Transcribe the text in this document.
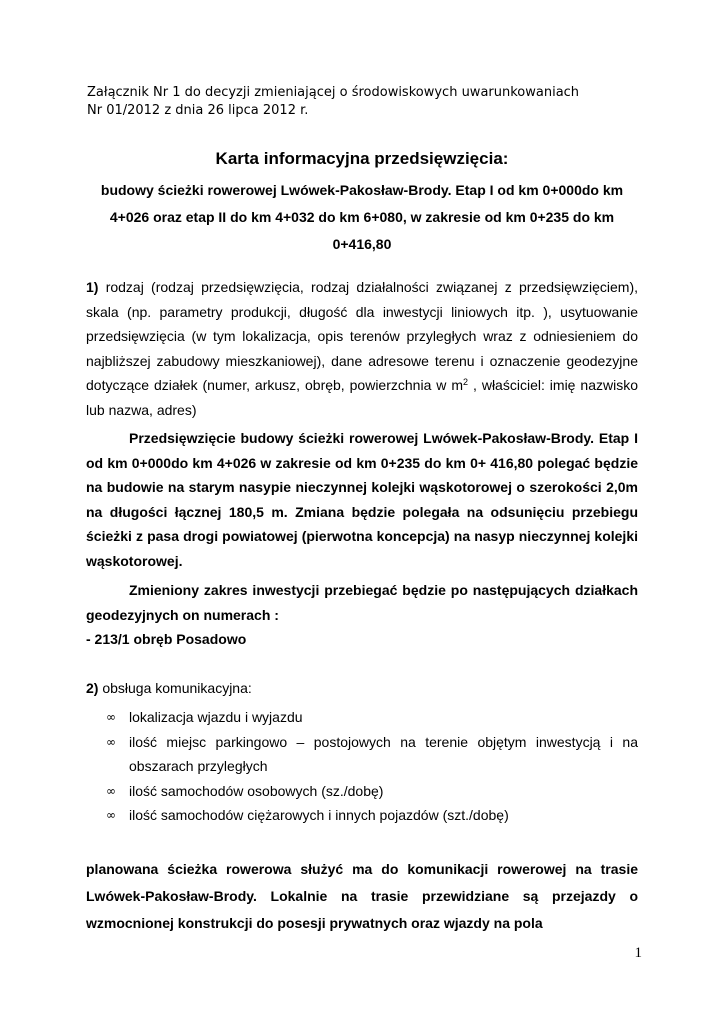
Załącznik Nr 1 do decyzji zmieniającej o środowiskowych uwarunkowaniach
Nr 01/2012 z dnia 26 lipca 2012 r.
Karta informacyjna przedsięwzięcia:
budowy ścieżki rowerowej Lwówek-Pakosław-Brody. Etap I od km 0+000do km 4+026 oraz etap II do km 4+032 do km 6+080, w zakresie od km 0+235 do km 0+416,80
1) rodzaj (rodzaj przedsięwzięcia, rodzaj działalności związanej z przedsięwzięciem), skala (np. parametry produkcji, długość dla inwestycji liniowych itp. ), usytuowanie przedsięwzięcia (w tym lokalizacja, opis terenów przyległych wraz z odniesieniem do najbliższej zabudowy mieszkaniowej), dane adresowe terenu i oznaczenie geodezyjne dotyczące działek (numer, arkusz, obręb, powierzchnia w $m^2$ , właściciel: imię nazwisko lub nazwa, adres)
Przedsięwzięcie budowy ścieżki rowerowej Lwówek-Pakosław-Brody. Etap I od km 0+000do km 4+026 w zakresie od km 0+235 do km 0+ 416,80 polegać będzie na budowie na starym nasypie nieczynnej kolejki wąskotorowej o szerokości 2,0m na długości łącznej 180,5 m. Zmiana będzie polegała na odsunięciu przebiegu ścieżki z pasa drogi powiatowej (pierwotna koncepcja) na nasyp nieczynnej kolejki wąskotorowej.
Zmieniony zakres inwestycji przebiegać będzie po następujących działkach geodezyjnych on numerach :
- 213/1 obręb Posadowo
2) obsługa komunikacyjna:
∞ lokalizacja wjazdu i wyjazdu
∞ ilość miejsc parkingowo – postojowych na terenie objętym inwestycją i na obszarach przyległych
∞ ilość samochodów osobowych (sz./dobę)
∞ ilość samochodów ciężarowych i innych pojazdów (szt./dobę)
planowana ścieżka rowerowa służyć ma do komunikacji rowerowej na trasie Lwówek-Pakosław-Brody. Lokalnie na trasie przewidziane są przejazdy o wzmocnionej konstrukcji do posesji prywatnych oraz wjazdy na pola
1
